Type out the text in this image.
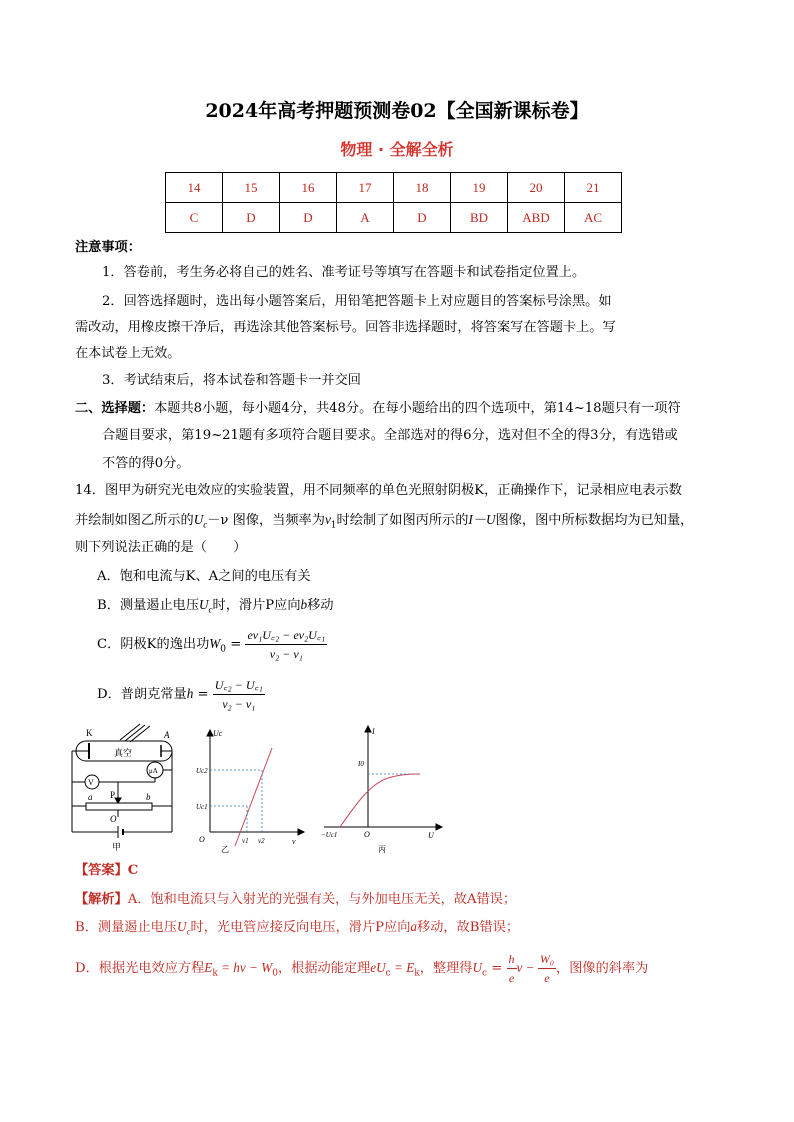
2024年高考押题预测卷02【全国新课标卷】
物理 · 全解全析
14	15	16	17	18	19	20	21
C	D	D	A	D	BD	ABD	AC
注意事项：
1．答卷前，考生务必将自己的姓名、准考证号等填写在答题卡和试卷指定位置上。
2．回答选择题时，选出每小题答案后，用铅笔把答题卡上对应题目的答案标号涂黑。如
需改动，用橡皮擦干净后，再选涂其他答案标号。回答非选择题时，将答案写在答题卡上。写
在本试卷上无效。
3．考试结束后，将本试卷和答题卡一并交回
二、选择题：本题共8小题，每小题4分，共48分。在每小题给出的四个选项中，第14~18题只有一项符
合题目要求，第19~21题有多项符合题目要求。全部选对的得6分，选对但不全的得3分，有选错或
不答的得0分。
14．图甲为研究光电效应的实验装置，用不同频率的单色光照射阴极K，正确操作下，记录相应电表示数
并绘制如图乙所示的$U_c-\nu$ 图像，当频率为$\nu_1$时绘制了如图丙所示的I－U图像，图中所标数据均为已知量，
则下列说法正确的是（　　）
A．饱和电流与K、A之间的电压有关
B．测量遏止电压$U_c$时，滑片P应向b移动
C．阴极K的逸出功$W_0 = \frac{\text{eν₁U꜀₂ − eν₂U꜀₁}}{\text{ν₂ − ν₁}}$
D．普朗克常量$h = \frac{\text{U꜀₂ − U꜀₁}}{\text{ν₂ − ν₁}}$
K	A
真空
V
μA
a P	b
O
甲
Uc
ν
O
Uc1
Uc2
ν1 ν2
乙
I
U
O
I0
−Uc1
丙
【答案】C
【解析】A．饱和电流只与入射光的光强有关，与外加电压无关，故A错误；
B．测量遏止电压$U_c$时，光电管应接反向电压，滑片P应向a移动，故B错误；
D．根据光电效应方程$E_k = h\nu - W_0$，根据动能定理$eU_c = E_k$，整理得$U_c = \frac{h}{e}$ $\nu - \frac{\text{W₀}}{e}$ ，图像的斜率为
